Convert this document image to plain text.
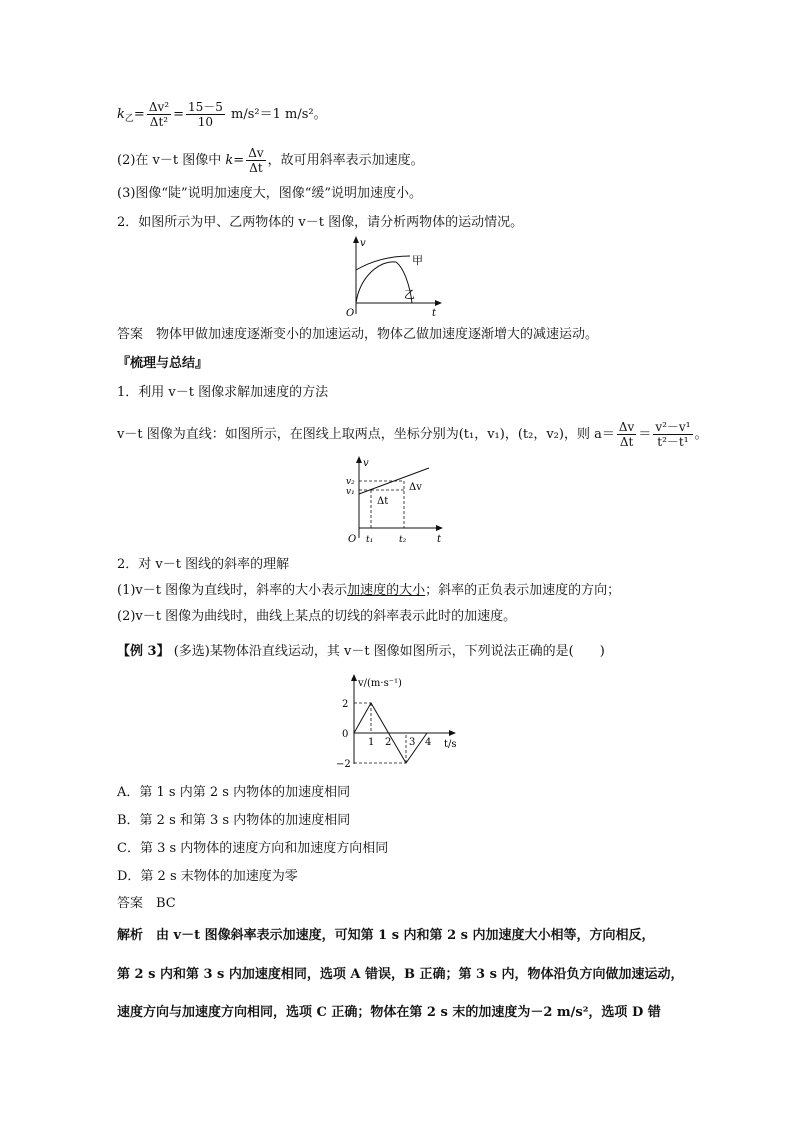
$k_乙= \frac{\text{Δv²}}{\text{Δt²}} = \frac{15-5}{10} m/s^2=1$ m/s²。
(2)在 v－t 图像中 $k= \frac{\Delta v}{\Delta t}$ ，故可用斜率表示加速度。
(3)图像“陡”说明加速度大，图像“缓”说明加速度小。
2．如图所示为甲、乙两物体的 v－t 图像，请分析两物体的运动情况。
v
t
O
甲
乙
答案　物体甲做加速度逐渐变小的加速运动，物体乙做加速度逐渐增大的减速运动。
『梳理与总结』
1．利用 v－t 图像求解加速度的方法
v－t 图像为直线：如图所示，在图线上取两点，坐标分别为(t₁，v₁)，(t₂，v₂)，则 $a= \frac{\Delta v}{\Delta t} = \frac{\text{v²－v¹}}{\text{t²－t¹}}$ 。
v
t
O
v₂
v₁
t₁	t₂
Δv
Δt
2．对 v－t 图线的斜率的理解
(1)v－t 图像为直线时，斜率的大小表示加速度的大小；斜率的正负表示加速度的方向；
(2)v－t 图像为曲线时，曲线上某点的切线的斜率表示此时的加速度。
【例 3】 (多选)某物体沿直线运动，其 v－t 图像如图所示，下列说法正确的是(　　)
v/(m·s⁻¹)
t/s
2
0
−2
1 2 3 4
A．第 1 s 内第 2 s 内物体的加速度相同
B．第 2 s 和第 3 s 内物体的加速度相同
C．第 3 s 内物体的速度方向和加速度方向相同
D．第 2 s 末物体的加速度为零
答案　BC
解析　由 v－t 图像斜率表示加速度，可知第 1 s 内和第 2 s 内加速度大小相等，方向相反，
第 2 s 内和第 3 s 内加速度相同，选项 A 错误，B 正确；第 3 s 内，物体沿负方向做加速运动，
速度方向与加速度方向相同，选项 C 正确；物体在第 2 s 末的加速度为－2 m/s²，选项 D 错
